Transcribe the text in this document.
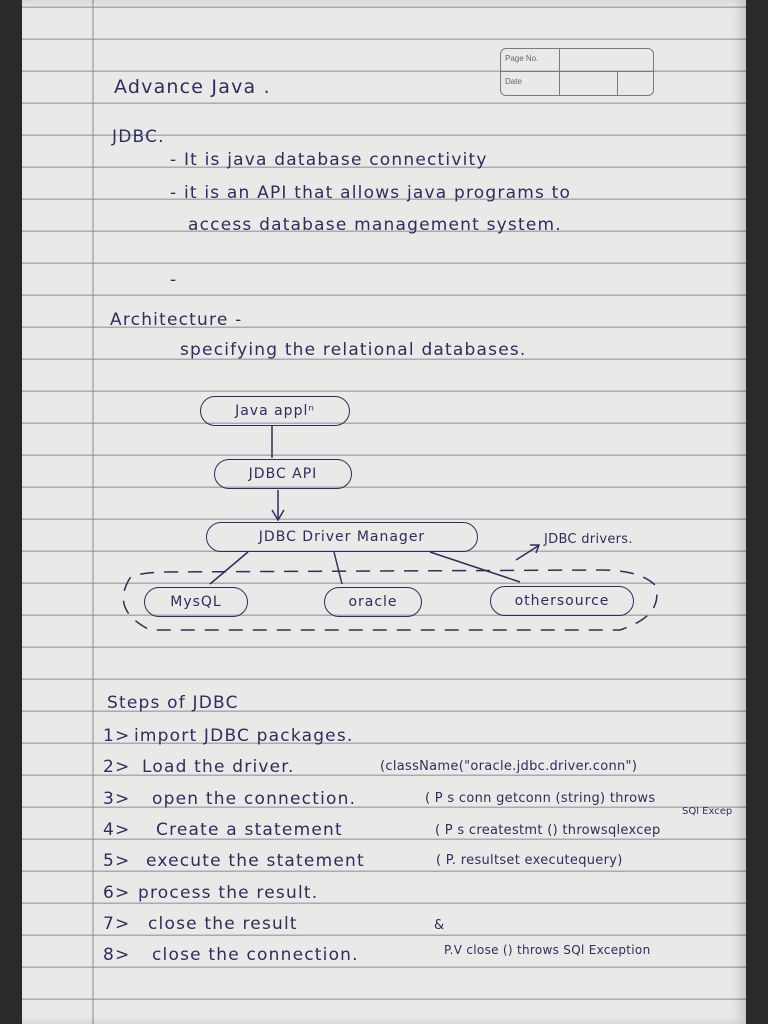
Page No.
Date
Advance Java .
JDBC.
- It is java database connectivity
- it is an API that allows java programs to
access database management system.
-
Architecture -
specifying the relational databases.
Java applⁿ
JDBC API
JDBC Driver Manager
MysQL	oracle	othersource
JDBC drivers.
Steps of JDBC
1> import JDBC packages.
2> Load the driver.	(className("oracle.jdbc.driver.conn")
3> open the connection.	( P s conn getconn (string) throws
SQl Excep
4> Create a statement	( P s createstmt () throwsqlexcep
5> execute the statement	( P. resultset executequery)
6> process the result.
7> close the result	&
8> close the connection.	P.V close () throws SQl Exception
